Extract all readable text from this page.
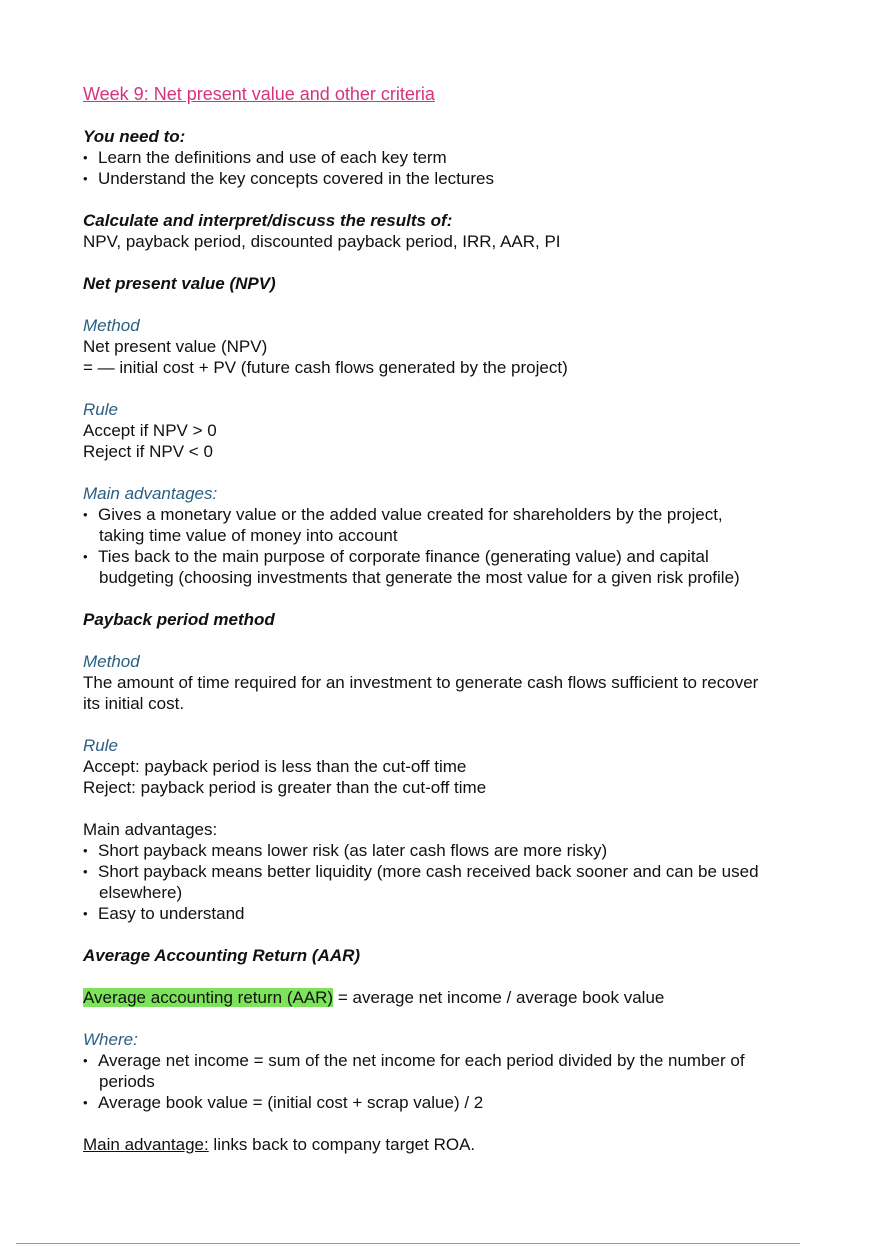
Week 9: Net present value and other criteria
You need to:
• Learn the definitions and use of each key term
• Understand the key concepts covered in the lectures
Calculate and interpret/discuss the results of:
NPV, payback period, discounted payback period, IRR, AAR, PI
Net present value (NPV)
Method
Net present value (NPV)
= — initial cost + PV (future cash flows generated by the project)
Rule
Accept if NPV > 0
Reject if NPV < 0
Main advantages:
• Gives a monetary value or the added value created for shareholders by the project,
taking time value of money into account
• Ties back to the main purpose of corporate finance (generating value) and capital
budgeting (choosing investments that generate the most value for a given risk profile)
Payback period method
Method
The amount of time required for an investment to generate cash flows sufficient to recover
its initial cost.
Rule
Accept: payback period is less than the cut-off time
Reject: payback period is greater than the cut-off time
Main advantages:
• Short payback means lower risk (as later cash flows are more risky)
• Short payback means better liquidity (more cash received back sooner and can be used
elsewhere)
• Easy to understand
Average Accounting Return (AAR)
Average accounting return (AAR) = average net income / average book value
Where:
• Average net income = sum of the net income for each period divided by the number of
periods
• Average book value = (initial cost + scrap value) / 2
Main advantage: links back to company target ROA.
